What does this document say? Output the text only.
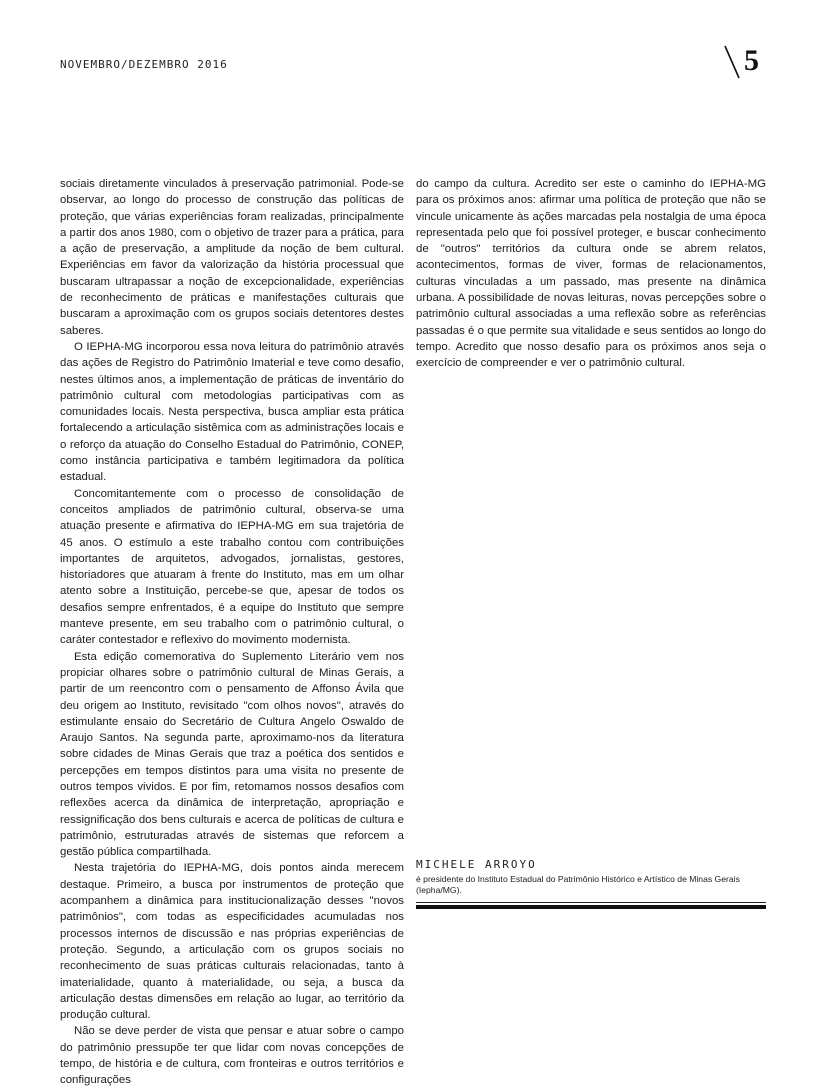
NOVEMBRO/DEZEMBRO 2016	5

sociais diretamente vinculados à preservação patrimonial. Pode-se observar, ao longo do processo de construção das políticas de proteção, que várias experiências foram realizadas, principalmente a partir dos anos 1980, com o objetivo de trazer para a prática, para a ação de preservação, a amplitude da noção de bem cultural. Experiências em favor da valorização da história processual que buscaram ultrapassar a noção de excepcionalidade, experiências de reconhecimento de práticas e manifestações culturais que buscaram a aproximação com os grupos sociais detentores destes saberes.

O IEPHA-MG incorporou essa nova leitura do patrimônio através das ações de Registro do Patrimônio Imaterial e teve como desafio, nestes últimos anos, a implementação de práticas de inventário do patrimônio cultural com metodologias participativas com as comunidades locais. Nesta perspectiva, busca ampliar esta prática fortalecendo a articulação sistêmica com as administrações locais e o reforço da atuação do Conselho Estadual do Patrimônio, CONEP, como instância participativa e também legitimadora da política estadual.

Concomitantemente com o processo de consolidação de conceitos ampliados de patrimônio cultural, observa-se uma atuação presente e afirmativa do IEPHA-MG em sua trajetória de 45 anos. O estímulo a este trabalho contou com contribuições importantes de arquitetos, advogados, jornalistas, gestores, historiadores que atuaram à frente do Instituto, mas em um olhar atento sobre a Instituição, percebe-se que, apesar de todos os desafios sempre enfrentados, é a equipe do Instituto que sempre manteve presente, em seu trabalho com o patrimônio cultural, o caráter contestador e reflexivo do movimento modernista.

Esta edição comemorativa do Suplemento Literário vem nos propiciar olhares sobre o patrimônio cultural de Minas Gerais, a partir de um reencontro com o pensamento de Affonso Ávila que deu origem ao Instituto, revisitado "com olhos novos", através do estimulante ensaio do Secretário de Cultura Angelo Oswaldo de Araujo Santos. Na segunda parte, aproximamo-nos da literatura sobre cidades de Minas Gerais que traz a poética dos sentidos e percepções em tempos distintos para uma visita no presente de outros tempos vividos. E por fim, retomamos nossos desafios com reflexões acerca da dinâmica de interpretação, apropriação e ressignificação dos bens culturais e acerca de políticas de cultura e patrimônio, estruturadas através de sistemas que reforcem a gestão pública compartilhada.

Nesta trajetória do IEPHA-MG, dois pontos ainda merecem destaque. Primeiro, a busca por instrumentos de proteção que acompanhem a dinâmica para institucionalização desses "novos patrimônios", com todas as especificidades acumuladas nos processos internos de discussão e nas próprias experiências de proteção. Segundo, a articulação com os grupos sociais no reconhecimento de suas práticas culturais relacionadas, tanto à imaterialidade, quanto à materialidade, ou seja, a busca da articulação destas dimensões em relação ao lugar, ao território da produção cultural.

Não se deve perder de vista que pensar e atuar sobre o campo do patrimônio pressupõe ter que lidar com novas concepções de tempo, de história e de cultura, com fronteiras e outros territórios e configurações

do campo da cultura. Acredito ser este o caminho do IEPHA-MG para os próximos anos: afirmar uma política de proteção que não se vincule unicamente às ações marcadas pela nostalgia de uma época representada pelo que foi possível proteger, e buscar conhecimento de "outros" territórios da cultura onde se abrem relatos, acontecimentos, formas de viver, formas de relacionamentos, culturas vinculadas a um passado, mas presente na dinâmica urbana. A possibilidade de novas leituras, novas percepções sobre o patrimônio cultural associadas a uma reflexão sobre as referências passadas é o que permite sua vitalidade e seus sentidos ao longo do tempo. Acredito que nosso desafio para os próximos anos seja o exercício de compreender e ver o patrimônio cultural.

MICHELE ARROYO
é presidente do Instituto Estadual do Patrimônio Histórico e Artístico de Minas Gerais (Iepha/MG).
